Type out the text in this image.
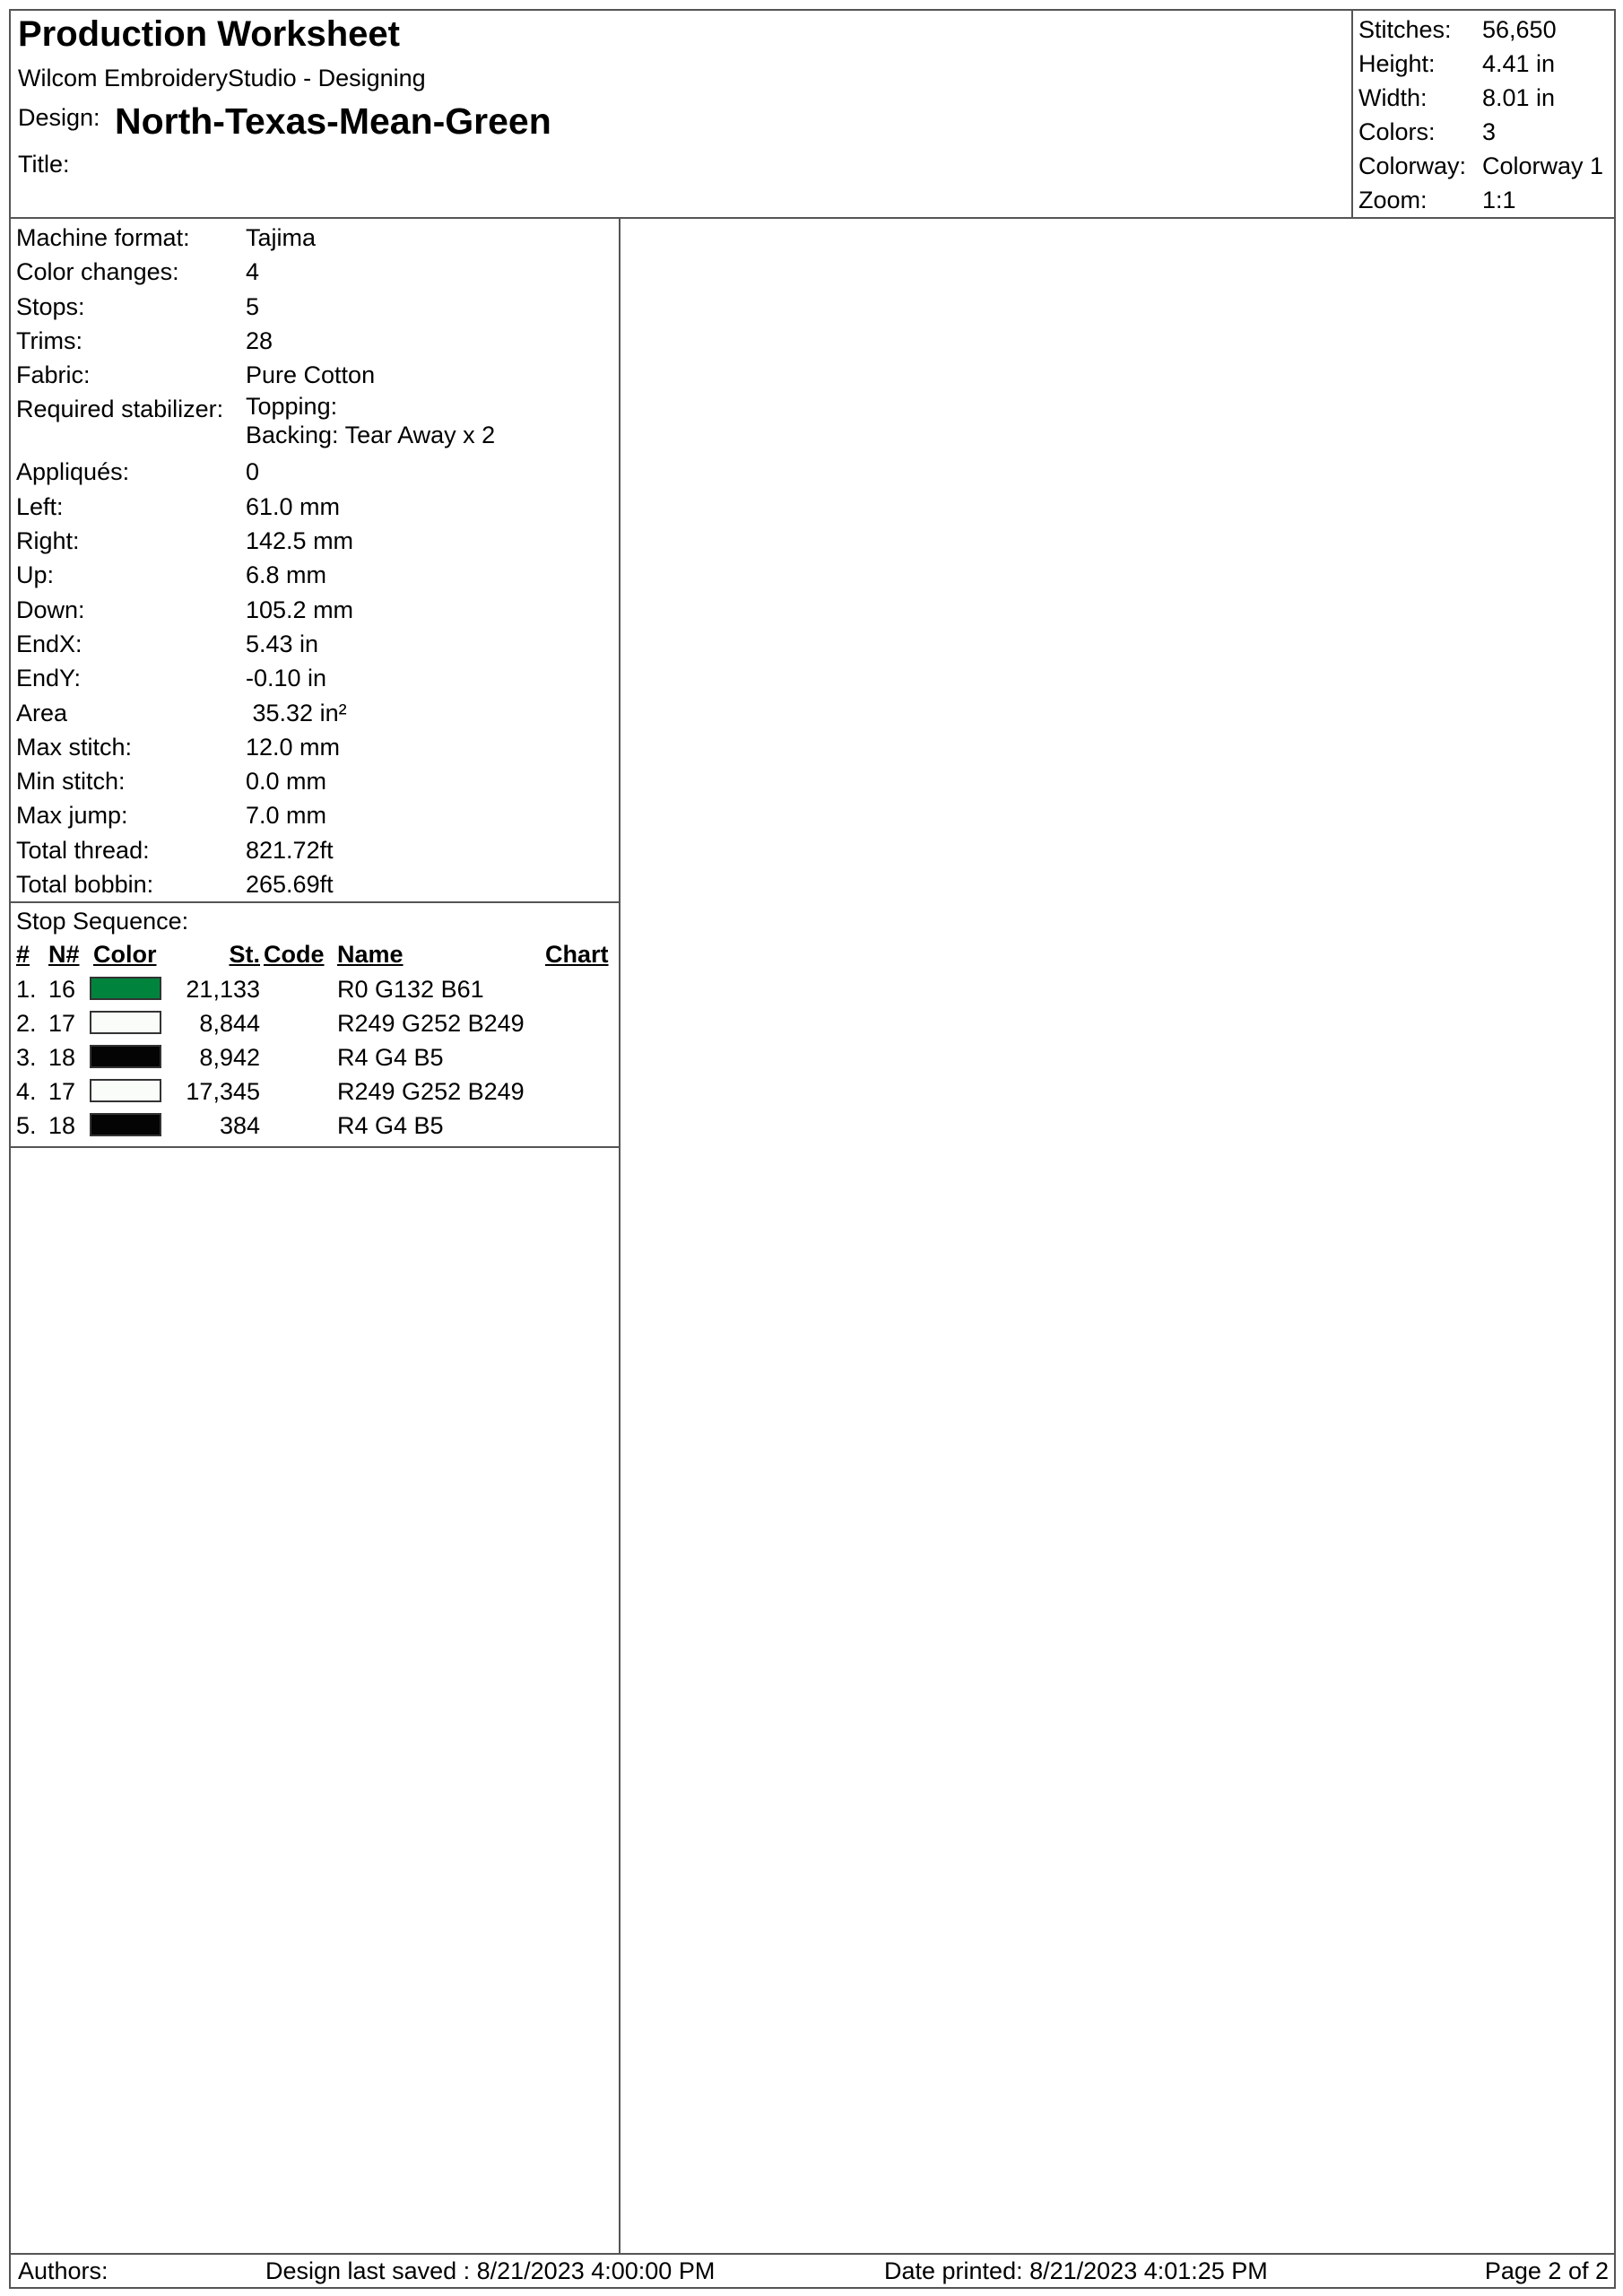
Production Worksheet
Wilcom EmbroideryStudio - Designing
Design: North-Texas-Mean-Green
Title:
Stitches: 56,650
Height: 4.41 in
Width: 8.01 in
Colors: 3
Colorway: Colorway 1
Zoom: 1:1
Machine format: Tajima
Color changes:	4
Stops:	5
Trims:	28
Fabric:	Pure Cotton
Required stabilizer: Topping:
Backing: Tear Away x 2
Appliqués:	0
Left:	61.0 mm
Right:	142.5 mm
Up:	6.8 mm
Down:	105.2 mm
EndX:	5.43 in
EndY:	-0.10 in
Area	35.32 in²
Max stitch:	12.0 mm
Min stitch:	0.0 mm
Max jump:	7.0 mm
Total thread:	821.72ft
Total bobbin:	265.69ft
Stop Sequence:
# N# Color	St. Code Name	Chart
1. 16	21,133	R0 G132 B61
2. 17	8,844	R249 G252 B249
3. 18	8,942	R4 G4 B5
4. 17	17,345	R249 G252 B249
5. 18	384	R4 G4 B5
Authors:	Design last saved : 8/21/2023 4:00:00 PM	Date printed: 8/21/2023 4:01:25 PM	Page 2 of 2
